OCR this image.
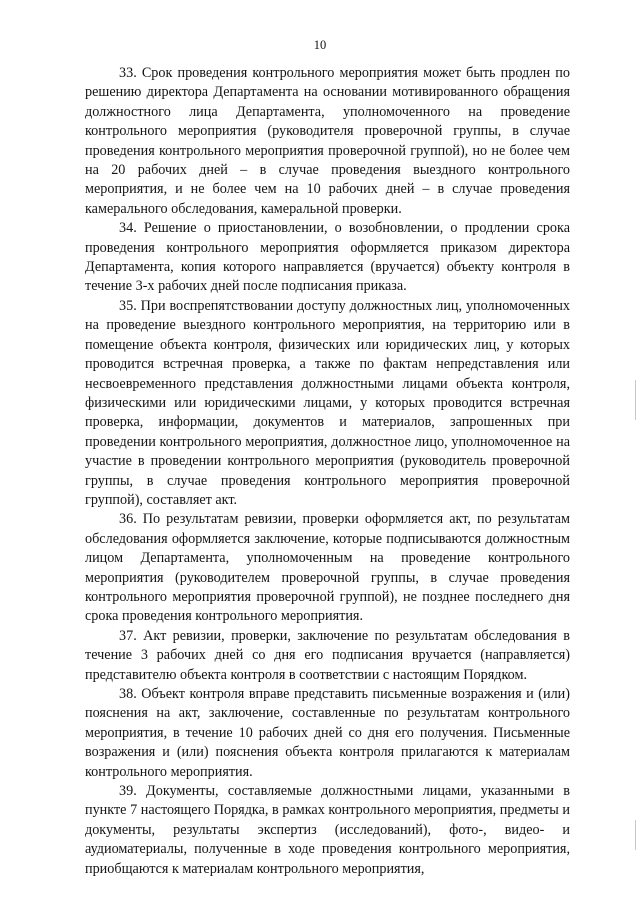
10

33. Срок проведения контрольного мероприятия может быть продлен по решению директора Департамента на основании мотивированного обращения должностного лица Департамента, уполномоченного на проведение контрольного мероприятия (руководителя проверочной группы, в случае проведения контрольного мероприятия проверочной группой), но не более чем на 20 рабочих дней – в случае проведения выездного контрольного мероприятия, и не более чем на 10 рабочих дней – в случае проведения камерального обследования, камеральной проверки.

34. Решение о приостановлении, о возобновлении, о продлении срока проведения контрольного мероприятия оформляется приказом директора Департамента, копия которого направляется (вручается) объекту контроля в течение 3-х рабочих дней после подписания приказа.

35. При воспрепятствовании доступу должностных лиц, уполномоченных на проведение выездного контрольного мероприятия, на территорию или в помещение объекта контроля, физических или юридических лиц, у которых проводится встречная проверка, а также по фактам непредставления или несвоевременного представления должностными лицами объекта контроля, физическими или юридическими лицами, у которых проводится встречная проверка, информации, документов и материалов, запрошенных при проведении контрольного мероприятия, должностное лицо, уполномоченное на участие в проведении контрольного мероприятия (руководитель проверочной группы, в случае проведения контрольного мероприятия проверочной группой), составляет акт.

36. По результатам ревизии, проверки оформляется акт, по результатам обследования оформляется заключение, которые подписываются должностным лицом Департамента, уполномоченным на проведение контрольного мероприятия (руководителем проверочной группы, в случае проведения контрольного мероприятия проверочной группой), не позднее последнего дня срока проведения контрольного мероприятия.

37. Акт ревизии, проверки, заключение по результатам обследования в течение 3 рабочих дней со дня его подписания вручается (направляется) представителю объекта контроля в соответствии с настоящим Порядком.

38. Объект контроля вправе представить письменные возражения и (или) пояснения на акт, заключение, составленные по результатам контрольного мероприятия, в течение 10 рабочих дней со дня его получения. Письменные возражения и (или) пояснения объекта контроля прилагаются к материалам контрольного мероприятия.

39. Документы, составляемые должностными лицами, указанными в пункте 7 настоящего Порядка, в рамках контрольного мероприятия, предметы и документы, результаты экспертиз (исследований), фото-, видео- и аудиоматериалы, полученные в ходе проведения контрольного мероприятия, приобщаются к материалам контрольного мероприятия,
